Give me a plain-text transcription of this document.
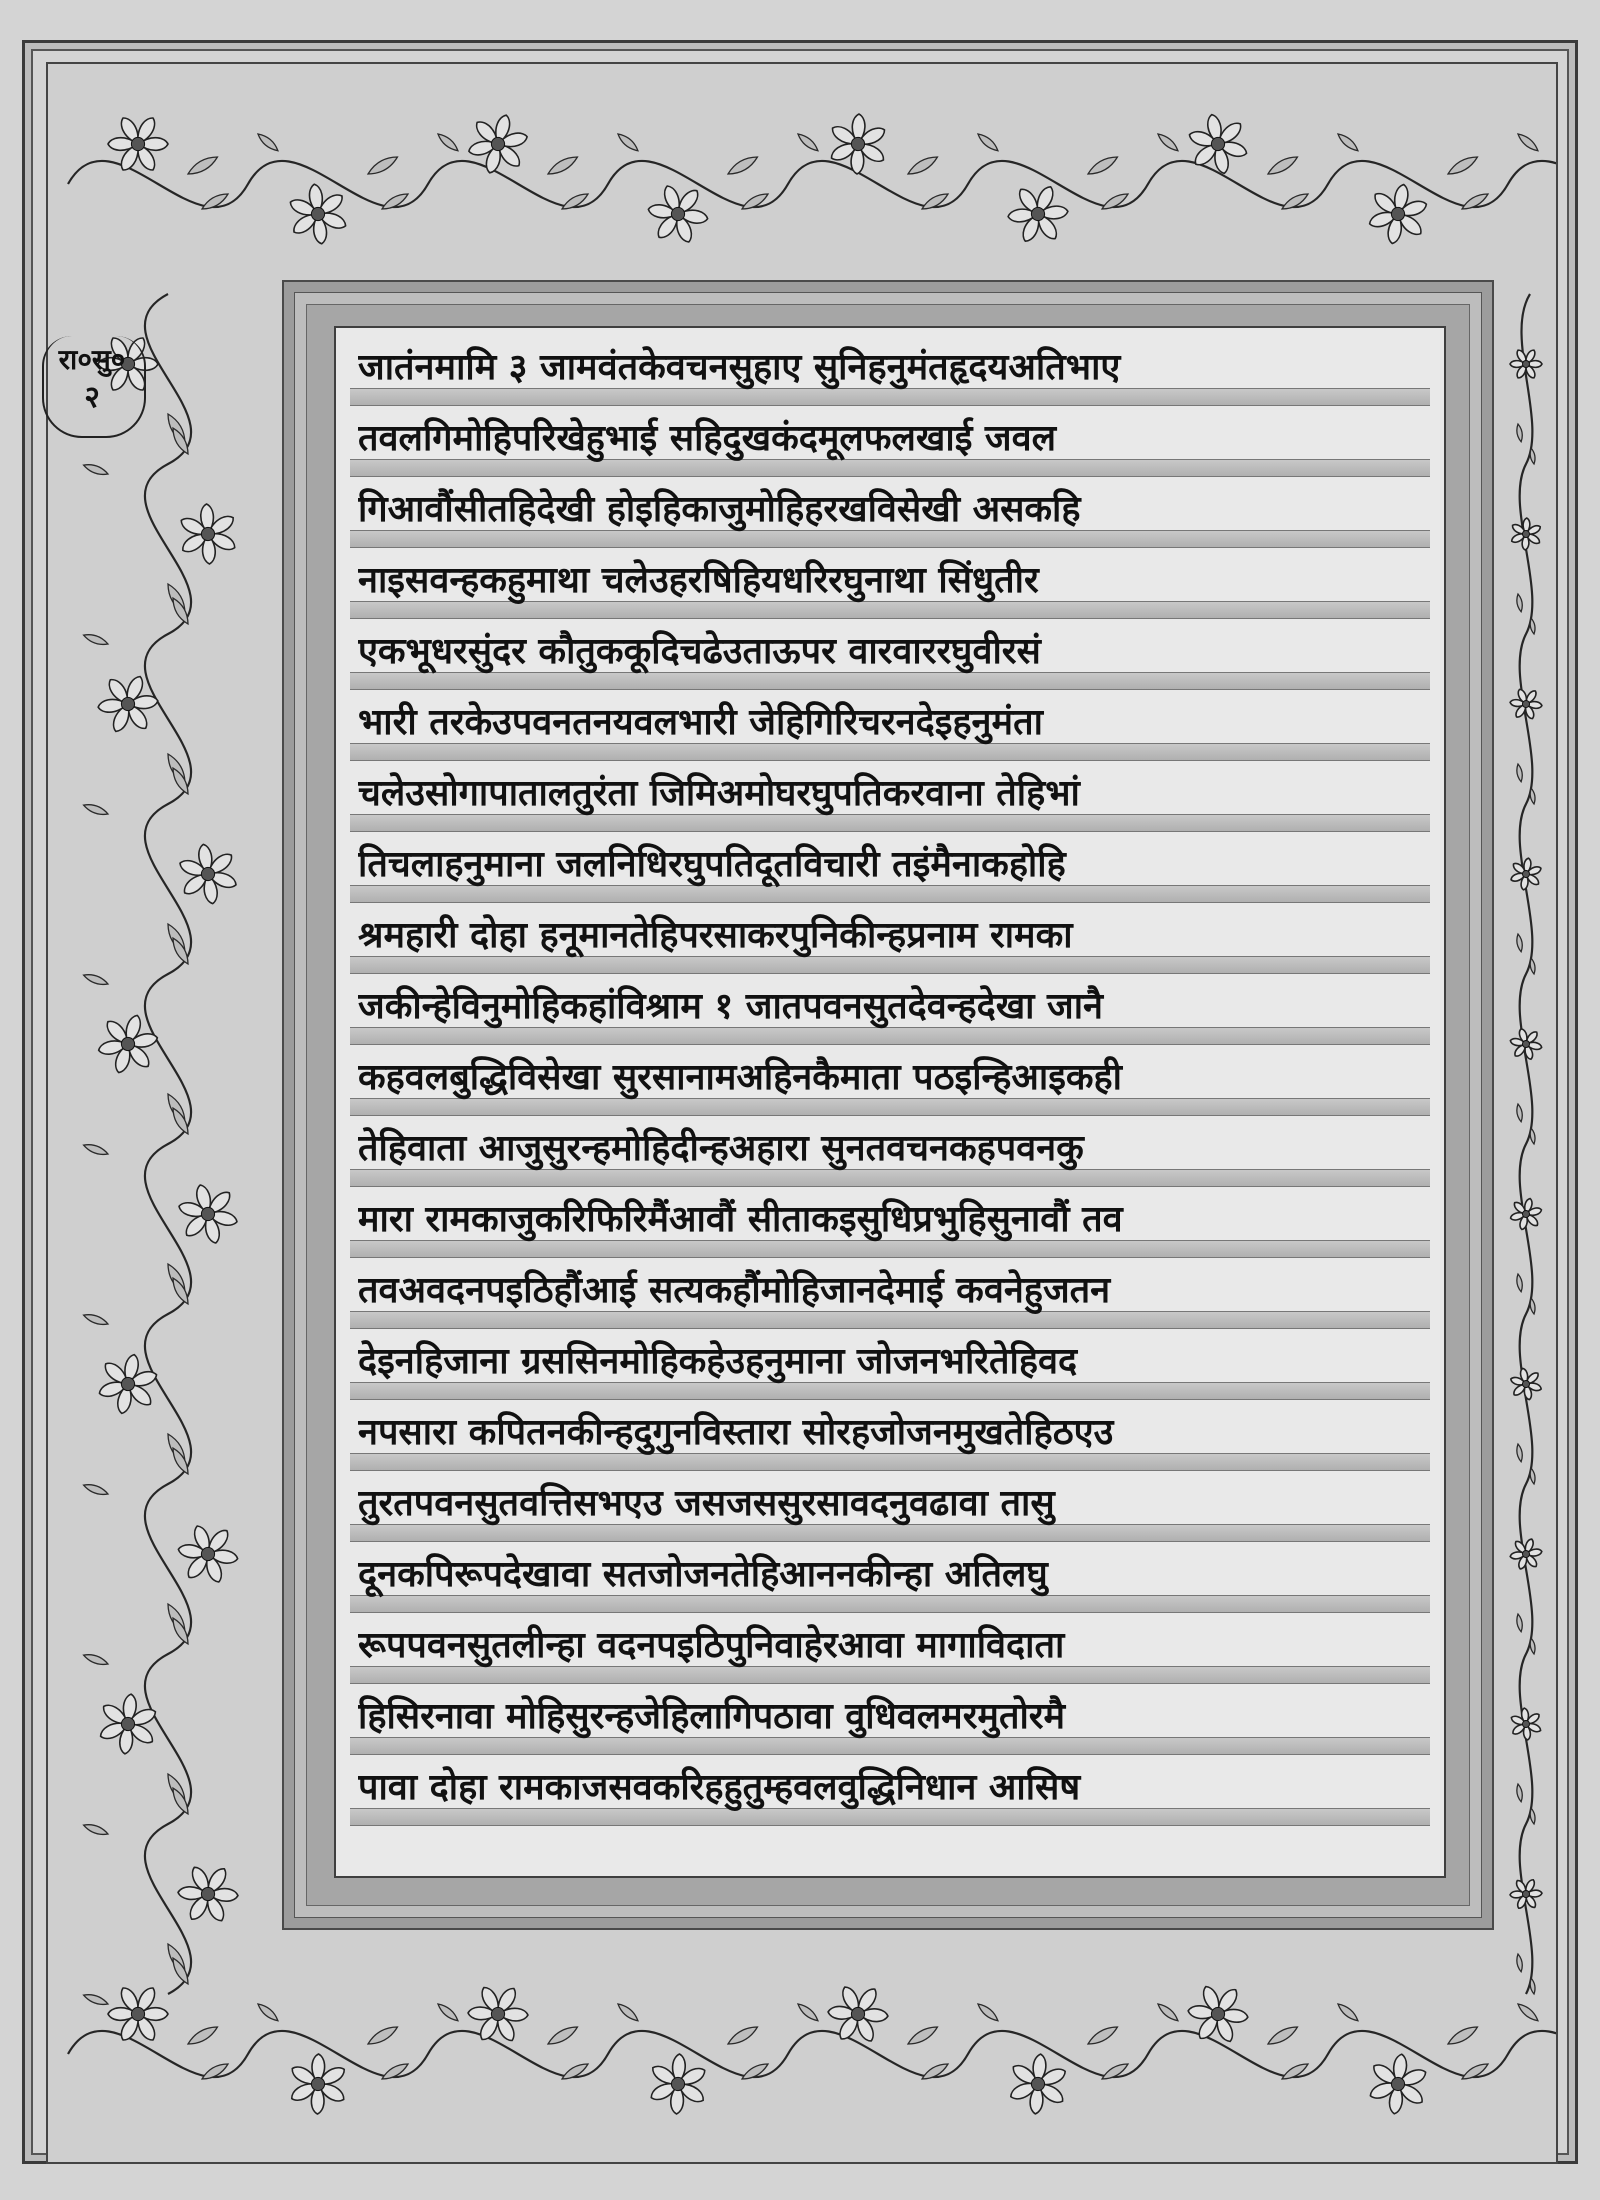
रा०सु०
२
जातंनमामि ३ जामवंतकेवचनसुहाए सुनिहनुमंतहृदयअतिभाए
तवलगिमोहिपरिखेहुभाई सहिदुखकंदमूलफलखाई जवल
गिआवौंसीतहिदेखी होइहिकाजुमोहिहरखविसेखी असकहि
नाइसवन्हकहुमाथा चलेउहरषिहियधरिरघुनाथा सिंधुतीर
एकभूधरसुंदर कौतुककूदिचढेउताऊपर वारवाररघुवीरसं
भारी तरकेउपवनतनयवलभारी जेहिगिरिचरनदेइहनुमंता
चलेउसोगापातालतुरंता जिमिअमोघरघुपतिकरवाना तेहिभां
तिचलाहनुमाना जलनिधिरघुपतिदूतविचारी तइंमैनाकहोहि
श्रमहारी दोहा हनूमानतेहिपरसाकरपुनिकीन्हप्रनाम रामका
जकीन्हेविनुमोहिकहांविश्राम १ जातपवनसुतदेवन्हदेखा जानै
कहवलबुद्धिविसेखा सुरसानामअहिनकैमाता पठइन्हिआइकही
तेहिवाता आजुसुरन्हमोहिदीन्हअहारा सुनतवचनकहपवनकु
मारा रामकाजुकरिफिरिमैंआवौं सीताकइसुधिप्रभुहिसुनावौं तव
तवअवदनपइठिहौंआई सत्यकहौंमोहिजानदेमाई कवनेहुजतन
देइनहिजाना ग्रससिनमोहिकहेउहनुमाना जोजनभरितेहिवद
नपसारा कपितनकीन्हदुगुनविस्तारा सोरहजोजनमुखतेहिठएउ
तुरतपवनसुतवत्तिसभएउ जसजससुरसावदनुवढावा तासु
दूनकपिरूपदेखावा सतजोजनतेहिआननकीन्हा अतिलघु
रूपपवनसुतलीन्हा वदनपइठिपुनिवाहेरआवा मागाविदाता
हिसिरनावा मोहिसुरन्हजेहिलागिपठावा वुधिवलमरमुतोरमै
पावा दोहा रामकाजसवकरिहहुतुम्हवलवुद्धिनिधान आसिष
